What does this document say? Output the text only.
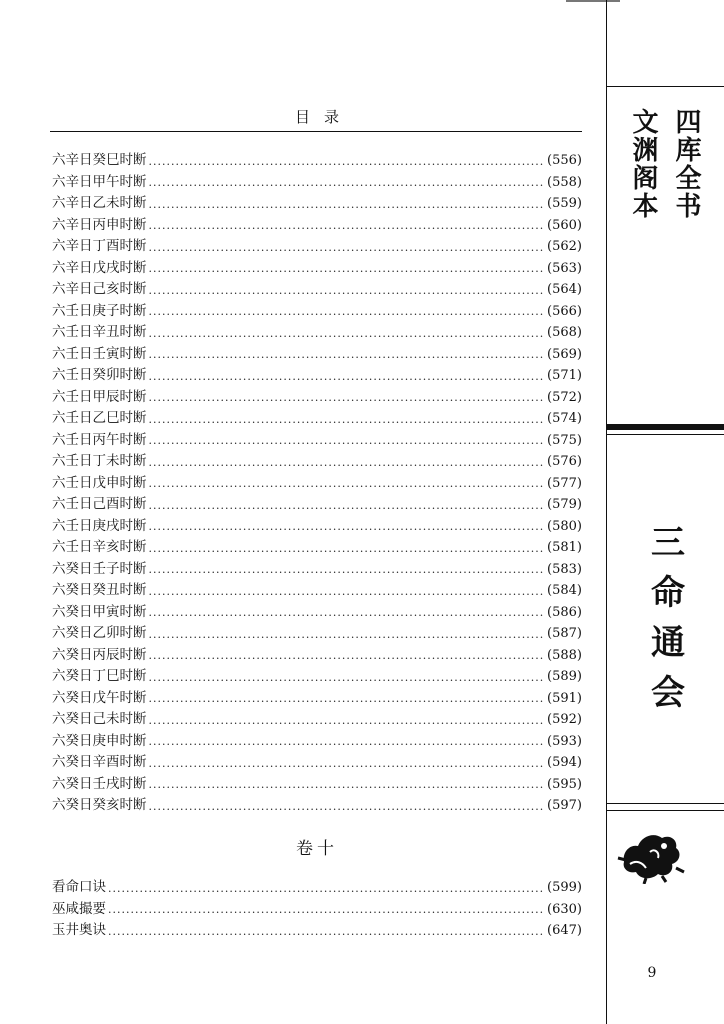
目录
六辛日癸巳时断 ·····	(556)
六辛日甲午时断 ·····	(558)
六辛日乙未时断 ·····	(559)
六辛日丙申时断 ·····	(560)
六辛日丁酉时断 ·····	(562)
六辛日戊戌时断 ·····	(563)
六辛日己亥时断 ·····	(564)
六壬日庚子时断 ·····	(566)
六壬日辛丑时断 ·····	(568)
六壬日壬寅时断 ·····	(569)
六壬日癸卯时断 ·····	(571)
六壬日甲辰时断 ·····	(572)
六壬日乙巳时断 ·····	(574)
六壬日丙午时断 ·····	(575)
六壬日丁未时断 ·····	(576)
六壬日戊申时断 ·····	(577)
六壬日己酉时断 ·····	(579)
六壬日庚戌时断 ·····	(580)
六壬日辛亥时断 ·····	(581)
六癸日壬子时断 ·····	(583)
六癸日癸丑时断 ·····	(584)
六癸日甲寅时断 ·····	(586)
六癸日乙卯时断 ·····	(587)
六癸日丙辰时断 ·····	(588)
六癸日丁巳时断 ·····	(589)
六癸日戊午时断 ·····	(591)
六癸日己未时断 ·····	(592)
六癸日庚申时断 ·····	(593)
六癸日辛酉时断 ·····	(594)
六癸日壬戌时断 ·····	(595)
六癸日癸亥时断 ·····	(597)
卷十
看命口诀 ·····	(599)
巫咸撮要 ·····	(630)
玉井奥诀 ·····	(647)
四库全书
文渊阁本
三命通会
9
